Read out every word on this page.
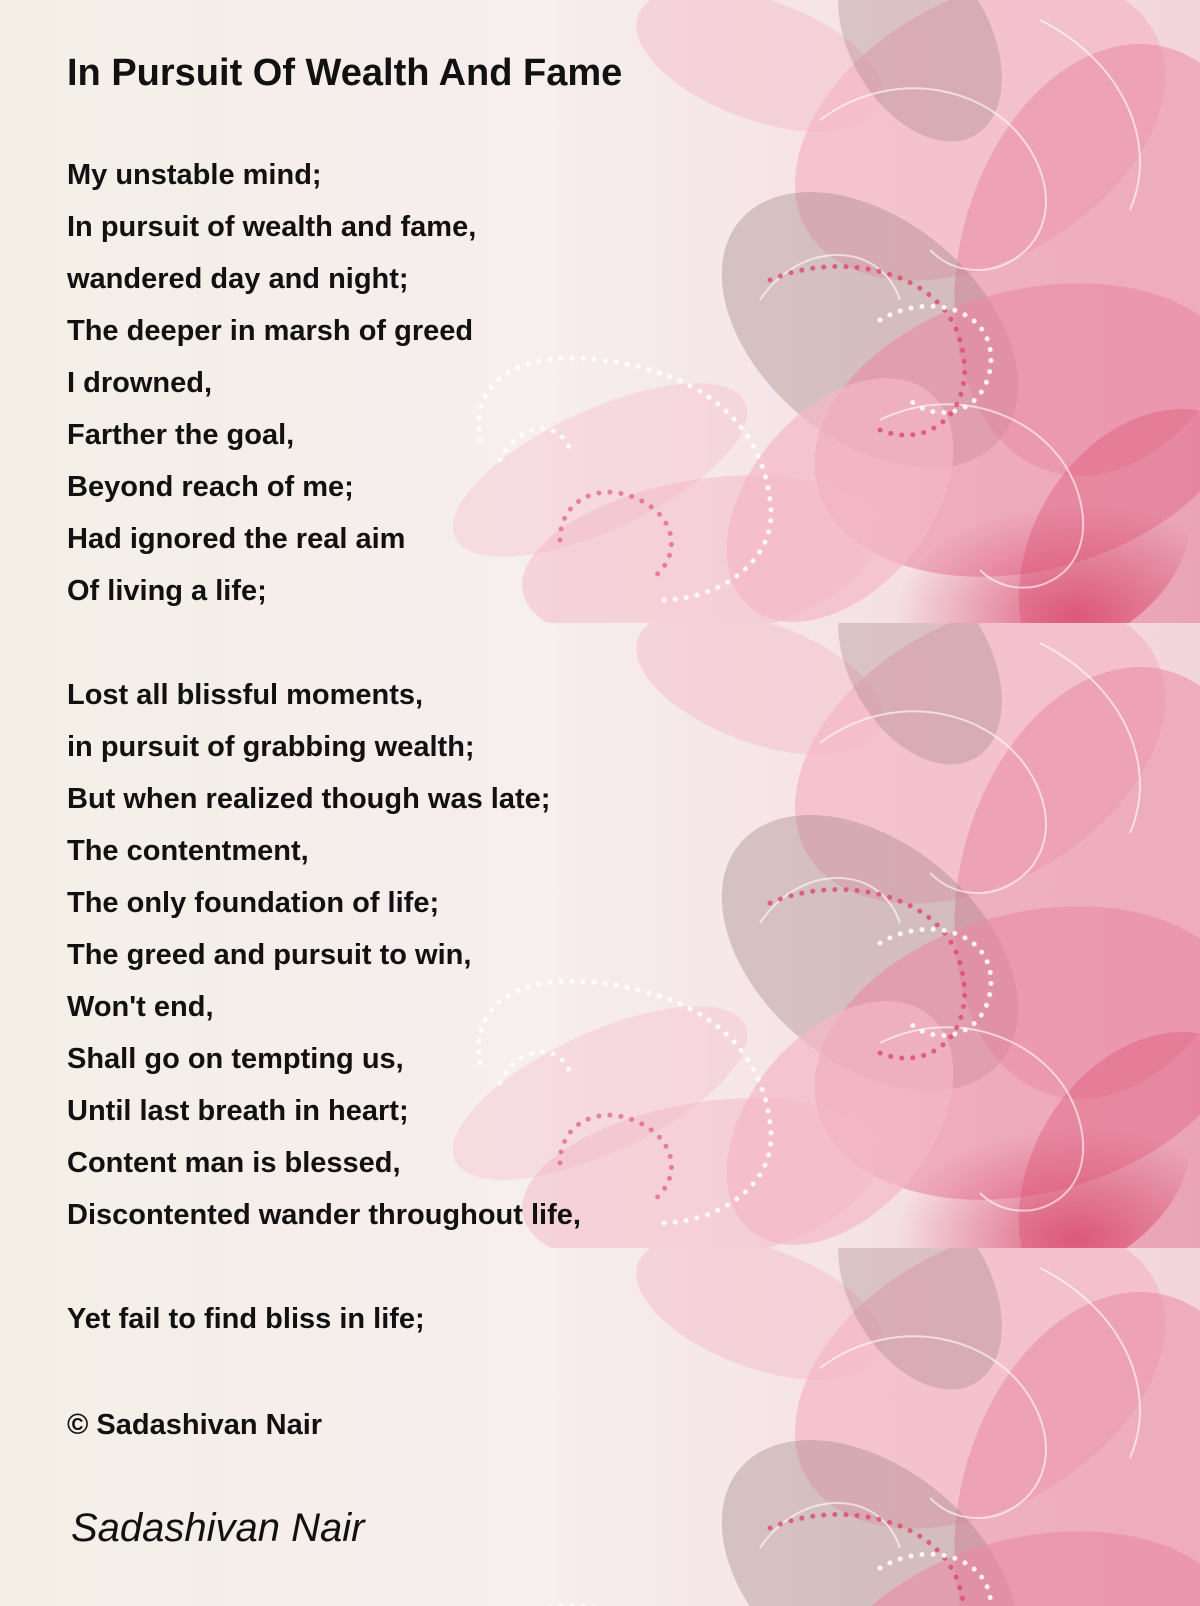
In Pursuit Of Wealth And Fame
My unstable mind;
In pursuit of wealth and fame,
wandered day and night;
The deeper in marsh of greed
I drowned,
Farther the goal,
Beyond reach of me;
Had ignored the real aim
Of living a life;
Lost all blissful moments,
in pursuit of grabbing wealth;
But when realized though was late;
The contentment,
The only foundation of life;
The greed and pursuit to win,
Won't end,
Shall go on tempting us,
Until last breath in heart;
Content man is blessed,
Discontented wander throughout life,
Yet fail to find bliss in life;
© Sadashivan Nair
Sadashivan Nair
